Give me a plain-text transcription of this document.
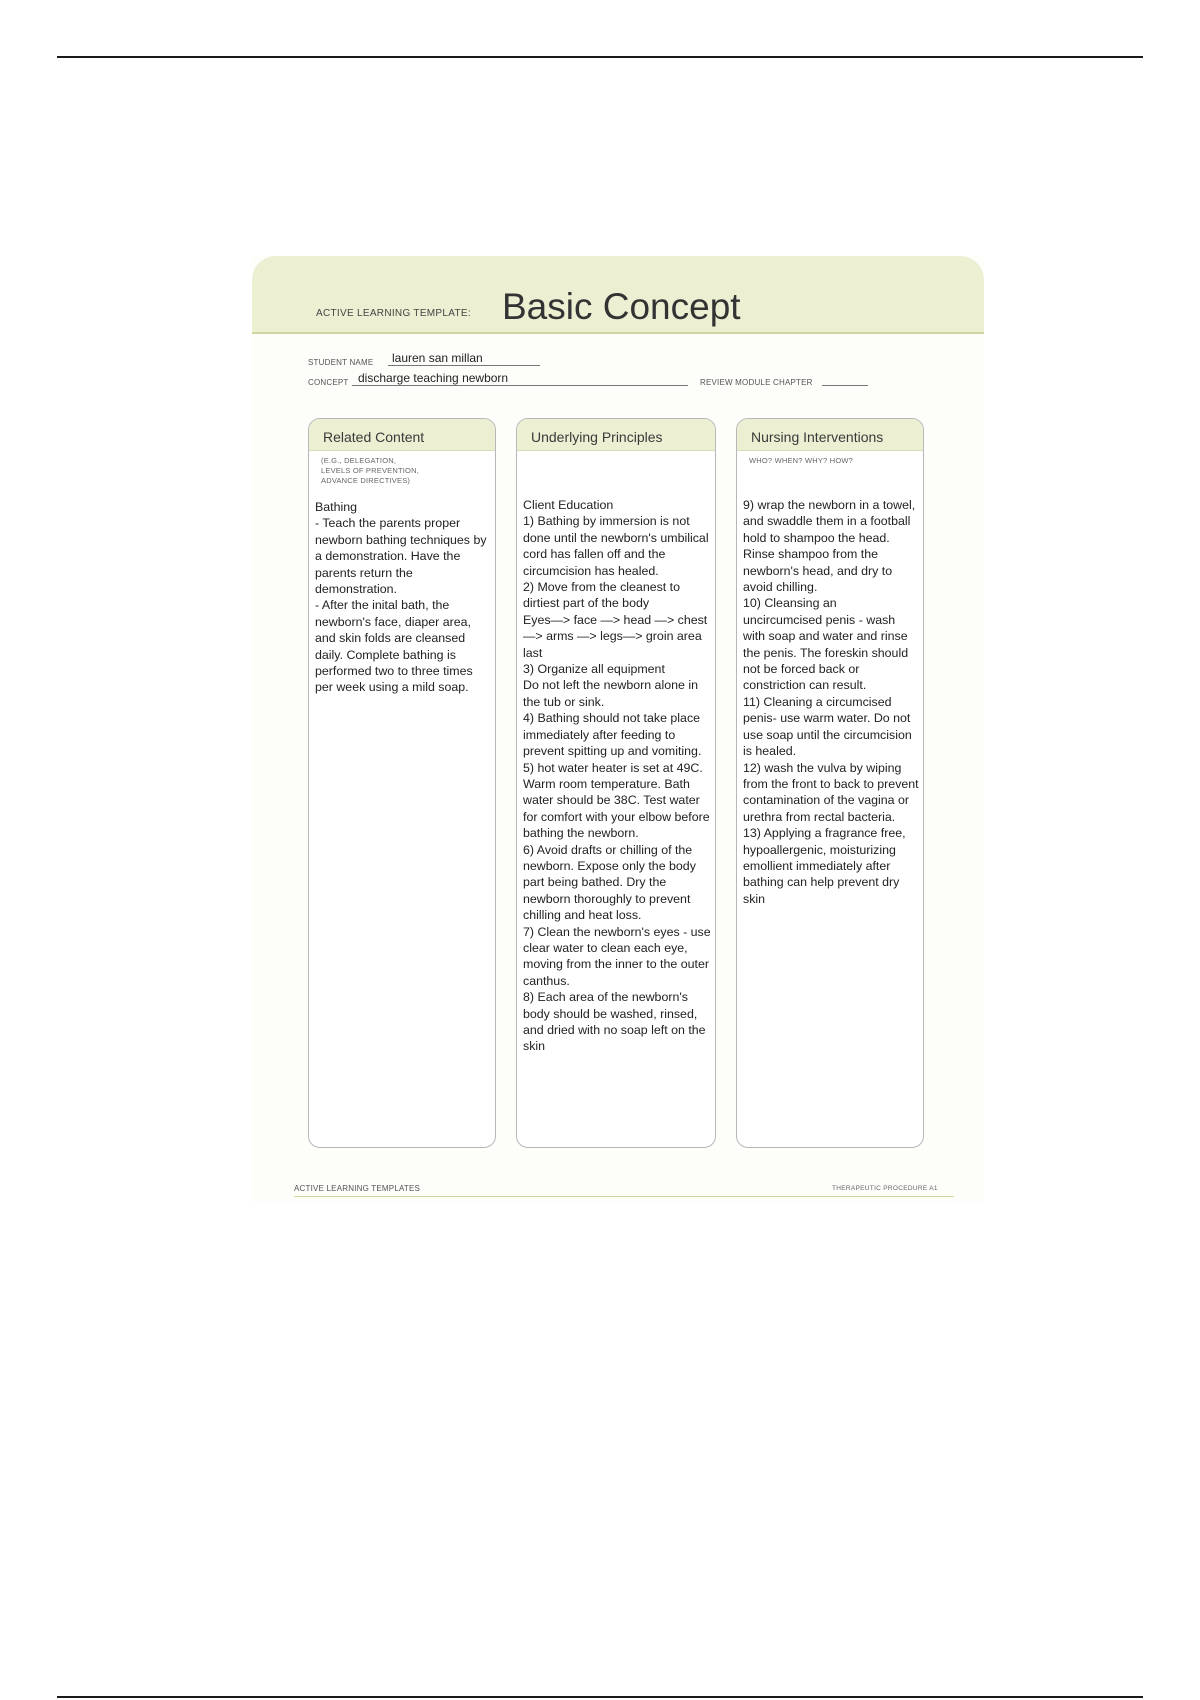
ACTIVE LEARNING TEMPLATE: Basic Concept
STUDENT NAME lauren san millan
CONCEPT discharge teaching newborn	REVIEW MODULE CHAPTER
Related Content
(E.G., DELEGATION,
LEVELS OF PREVENTION,
ADVANCE DIRECTIVES)
Bathing
- Teach the parents proper newborn bathing techniques by a demonstration. Have the parents return the demonstration.
- After the inital bath, the newborn's face, diaper area, and skin folds are cleansed daily. Complete bathing is performed two to three times per week using a mild soap.
Underlying Principles
Client Education
1) Bathing by immersion is not done until the newborn's umbilical cord has fallen off and the circumcision has healed.
2) Move from the cleanest to dirtiest part of the body
Eyes—> face —> head —> chest —> arms —> legs—> groin area last
3) Organize all equipment
Do not left the newborn alone in the tub or sink.
4) Bathing should not take place immediately after feeding to prevent spitting up and vomiting.
5) hot water heater is set at 49C. Warm room temperature. Bath water should be 38C. Test water for comfort with your elbow before bathing the newborn.
6) Avoid drafts or chilling of the newborn. Expose only the body part being bathed. Dry the newborn thoroughly to prevent chilling and heat loss.
7) Clean the newborn's eyes - use clear water to clean each eye, moving from the inner to the outer canthus.
8) Each area of the newborn's body should be washed, rinsed, and dried with no soap left on the skin
Nursing Interventions
WHO? WHEN? WHY? HOW?
9) wrap the newborn in a towel, and swaddle them in a football hold to shampoo the head. Rinse shampoo from the newborn's head, and dry to avoid chilling.
10) Cleansing an uncircumcised penis - wash with soap and water and rinse the penis. The foreskin should not be forced back or constriction can result.
11) Cleaning a circumcised penis- use warm water. Do not use soap until the circumcision is healed.
12) wash the vulva by wiping from the front to back to prevent contamination of the vagina or urethra from rectal bacteria.
13) Applying a fragrance free, hypoallergenic, moisturizing emollient immediately after bathing can help prevent dry skin
ACTIVE LEARNING TEMPLATES	THERAPEUTIC PROCEDURE A1
